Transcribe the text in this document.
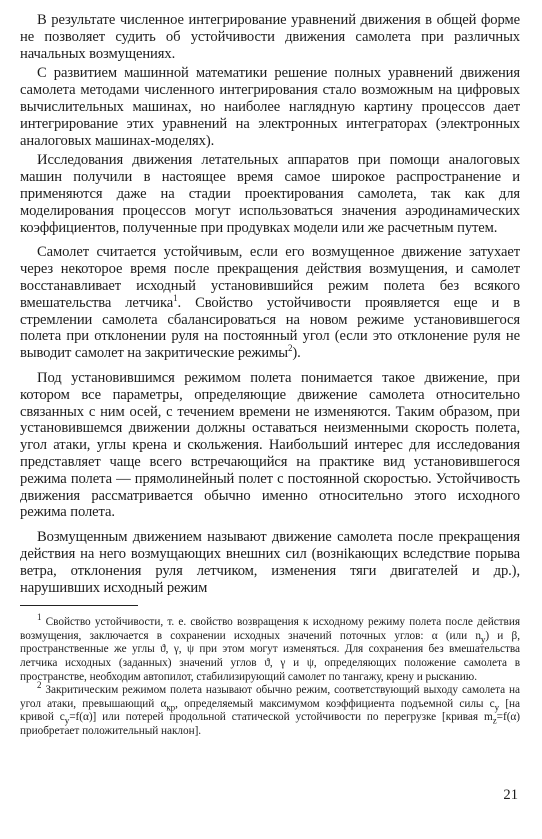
В результате численное интегрирование уравнений движения в общей форме не позволяет судить об устойчивости движения самолета при различных начальных возмущениях.

С развитием машинной математики решение полных уравнений движения самолета методами численного интегрирования стало возможным на цифровых вычислительных машинах, но наиболее наглядную картину процессов дает интегрирование этих уравнений на электронных интеграторах (электронных аналоговых машинах-моделях).

Исследования движения летательных аппаратов при помощи аналоговых машин получили в настоящее время самое широкое распространение и применяются даже на стадии проектирования самолета, так как для моделирования процессов могут использоваться значения аэродинамических коэффициентов, полученные при продувках модели или же расчетным путем.

Самолет считается устойчивым, если его возмущенное движение затухает через некоторое время после прекращения действия возмущения, и самолет восстанавливает исходный установившийся режим полета без всякого вмешательства летчика$^1$. Свойство устойчивости проявляется еще и в стремлении самолета сбалансироваться на новом режиме установившегося полета при отклонении руля на постоянный угол (если это отклонение руля не выводит самолет на закритические режимы$^2$).

Под установившимся режимом полета понимается такое движение, при котором все параметры, определяющие движение самолета относительно связанных с ним осей, с течением времени не изменяются. Таким образом, при установившемся движении должны оставаться неизменными скорость полета, угол атаки, углы крена и скольжения. Наибольший интерес для исследования представляет чаще всего встречающийся на практике вид установившегося режима полета — прямолинейный полет с постоянной скоростью. Устойчивость движения рассматривается обычно именно относительно этого исходного режима полета.

Возмущенным движением называют движение самолета после прекращения действия на него возмущающих внешних сил (вознikающих вследствие порыва ветра, отклонения руля летчиком, изменения тяги двигателей и др.), нарушивших исходный режим

$^1$ Свойство устойчивости, т. е. свойство возвращения к исходному режиму полета после действия возмущения, заключается в сохранении исходных значений поточных углов: α (или $n_y$) и β, пространственные же углы ϑ, γ, ψ при этом могут изменяться. Для сохранения без вмешательства летчика исходных (заданных) значений углов ϑ, γ и ψ, определяющих положение самолета в пространстве, необходим автопилот, стабилизирующий самолет по тангажу, крену и рысканию.

$^2$ Закритическим режимом полета называют обычно режим, соответствующий выходу самолета на угол атаки, превышающий $\alpha_{кр}$, определяемый максимумом коэффициента подъемной силы $c_y$ [на кривой $c_y=f(\alpha)$] или потерей продольной статической устойчивости по перегрузке [кривая $m_z=f(\alpha)$ приобретает положительный наклон].

21
